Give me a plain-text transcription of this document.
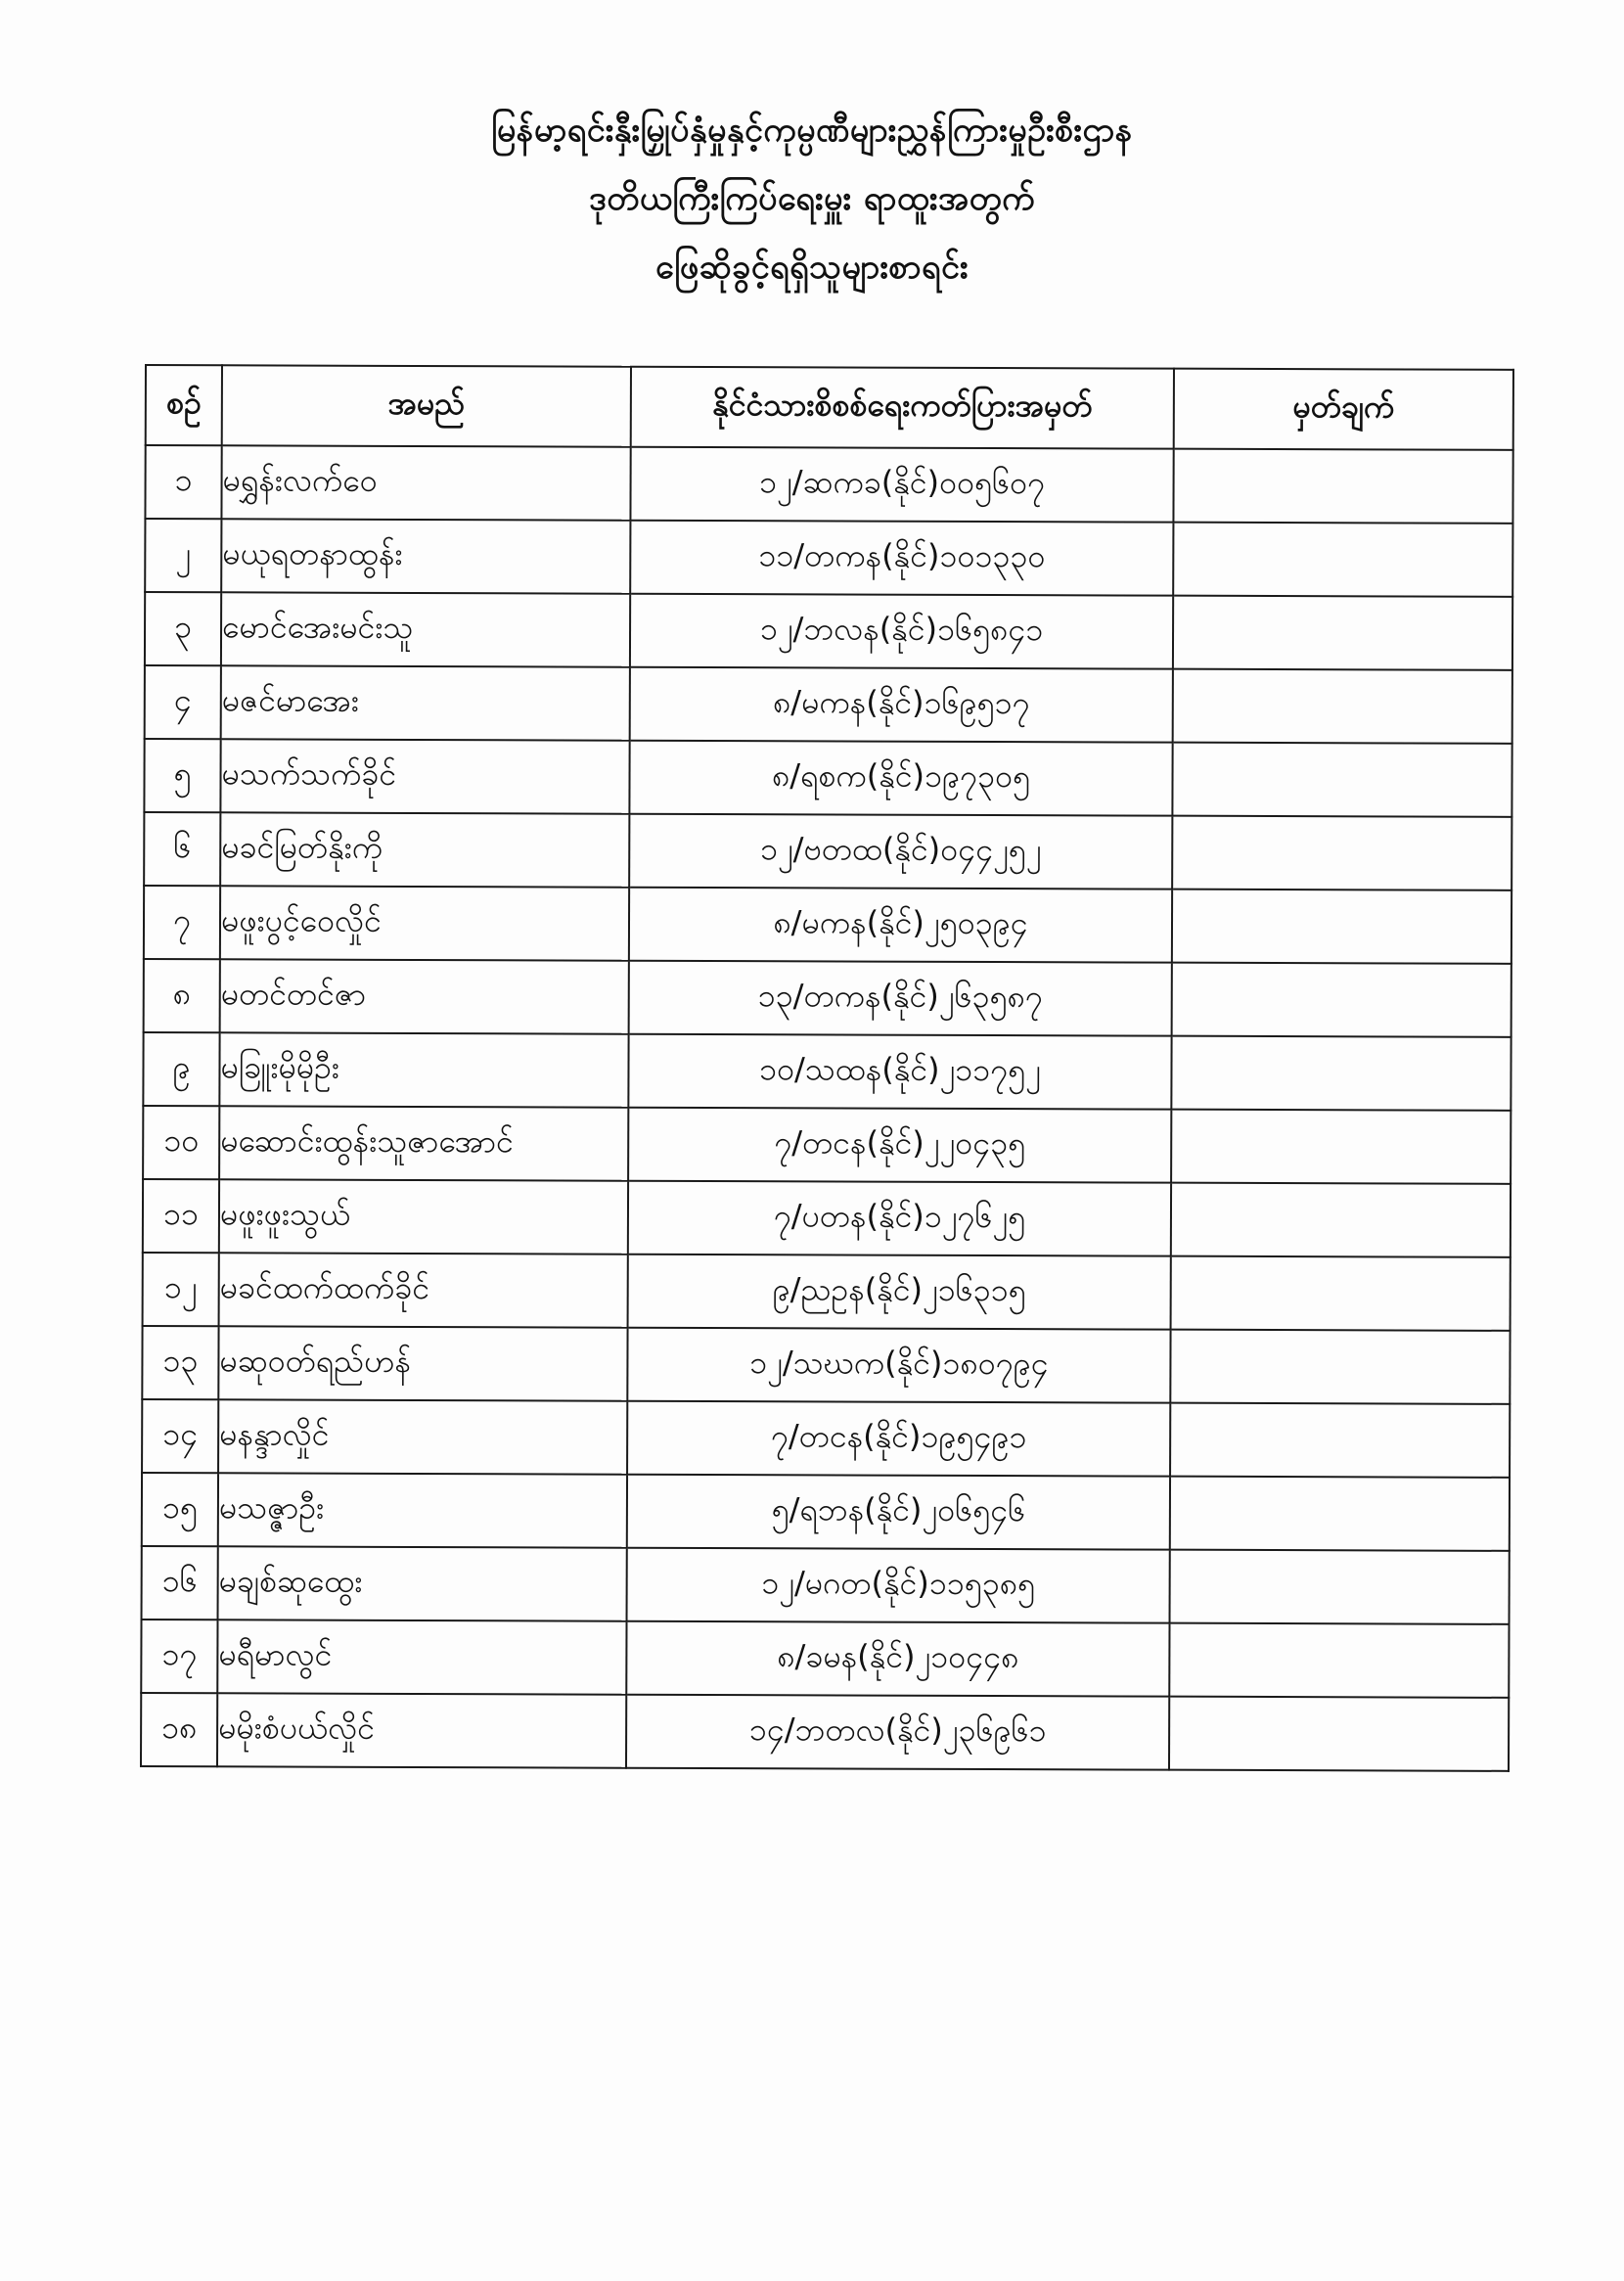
မြန်မာ့ရင်းနှီးမြှုပ်နှံမှုနှင့်ကုမ္ပဏီများညွှန်ကြားမှုဦးစီးဌာန
ဒုတိယကြီးကြပ်ရေးမှူး ရာထူးအတွက်
ဖြေဆိုခွင့်ရရှိသူများစာရင်း
စဉ်	အမည်	နိုင်ငံသားစိစစ်ရေးကတ်ပြားအမှတ်	မှတ်ချက်
၁	မရွှန်းလက်ဝေ	၁၂/ဆကခ(နိုင်)၀၀၅၆၀၇	
၂	မယုရတနာထွန်း	၁၁/တကန(နိုင်)၁၀၁၃၃၀	
၃	မောင်အေးမင်းသူ	၁၂/ဘလန(နိုင်)၁၆၅၈၄၁	
၄	မဇင်မာအေး	၈/မကန(နိုင်)၁၆၉၅၁၇	
၅	မသက်သက်ခိုင်	၈/ရစက(နိုင်)၁၉၇၃၀၅	
၆	မခင်မြတ်နိုးကို	၁၂/ဗတထ(နိုင်)၀၄၄၂၅၂	
၇	မဖူးပွင့်ဝေလှိုင်	၈/မကန(နိုင်)၂၅၀၃၉၄	
၈	မတင်တင်ဇာ	၁၃/တကန(နိုင်)၂၆၃၅၈၇	
၉	မခြူးမိုမိုဦး	၁၀/သထန(နိုင်)၂၁၁၇၅၂	
၁၀	မဆောင်းထွန်းသူဇာအောင်	၇/တငန(နိုင်)၂၂၀၄၃၅	
၁၁	မဖူးဖူးသွယ်	၇/ပတန(နိုင်)၁၂၇၆၂၅	
၁၂	မခင်ထက်ထက်ခိုင်	၉/ညဥန(နိုင်)၂၁၆၃၁၅	
၁၃	မဆုဝတ်ရည်ဟန်	၁၂/သဃက(နိုင်)၁၈၀၇၉၄	
၁၄	မနန္ဒာလှိုင်	၇/တငန(နိုင်)၁၉၅၄၉၁	
၁၅	မသဇ္ဇာဦး	၅/ရဘန(နိုင်)၂၀၆၅၄၆	
၁၆	မချစ်ဆုထွေး	၁၂/မဂတ(နိုင်)၁၁၅၃၈၅	
၁၇	မရီမာလွင်	၈/ခမန(နိုင်)၂၁၀၄၄၈	
၁၈	မမိုးစံပယ်လှိုင်	၁၄/ဘတလ(နိုင်)၂၃၆၉၆၁	
